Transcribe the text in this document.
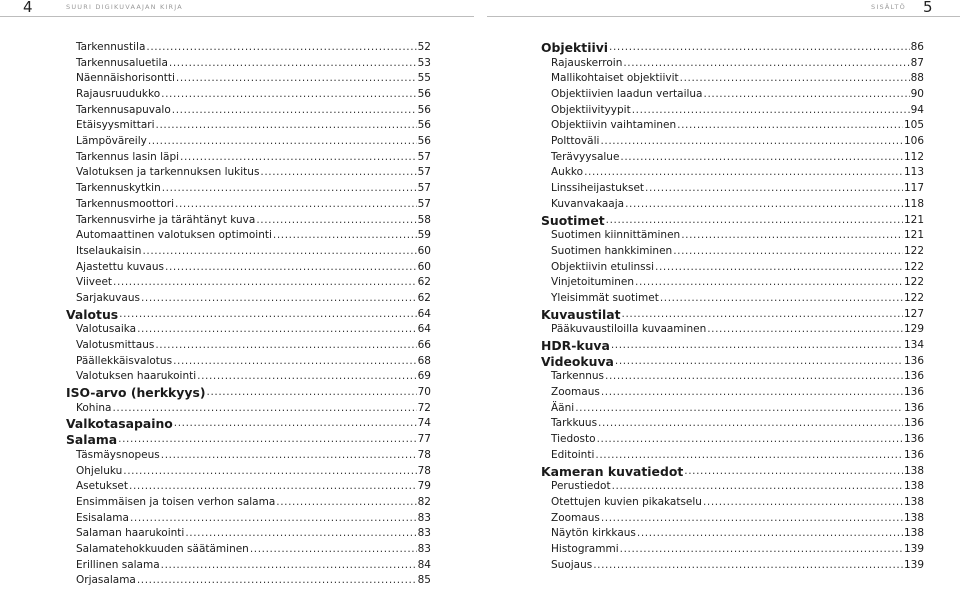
4	SUURI DIGIKUVAAJAN KIRJA	SISÄLTÖ 5
Tarkennustila .....	52
Tarkennusaluetila .....	53
Näennäishorisontti .....	55
Rajausruudukko .....	56
Tarkennusapuvalo .....	56
Etäisyysmittari .....	56
Lämpöväreily .....	56
Tarkennus lasin läpi .....	57
Valotuksen ja tarkennuksen lukitus .....	57
Tarkennuskytkin .....	57
Tarkennusmoottori .....	57
Tarkennusvirhe ja tärähtänyt kuva .....	58
Automaattinen valotuksen optimointi .....	59
Itselaukaisin .....	60
Ajastettu kuvaus .....	60
Viiveet .....	62
Sarjakuvaus .....	62
Valotus .....	64
Valotusaika .....	64
Valotusmittaus .....	66
Päällekkäisvalotus .....	68
Valotuksen haarukointi .....	69
ISO-arvo (herkkyys) .....	70
Kohina .....	72
Valkotasapaino .....	74
Salama .....	77
Täsmäysnopeus .....	78
Ohjeluku .....	78
Asetukset .....	79
Ensimmäisen ja toisen verhon salama .....	82
Esisalama .....	83
Salaman haarukointi .....	83
Salamatehokkuuden säätäminen .....	83
Erillinen salama .....	84
Orjasalama .....	85
Objektiivi .....	86
Rajauskerroin .....	87
Mallikohtaiset objektiivit .....	88
Objektiivien laadun vertailua .....	90
Objektiivityypit .....	94
Objektiivin vaihtaminen .....	105
Polttoväli .....	106
Terävyysalue .....	112
Aukko .....	113
Linssiheijastukset .....	117
Kuvanvakaaja .....	118
Suotimet .....	121
Suotimen kiinnittäminen .....	121
Suotimen hankkiminen .....	122
Objektiivin etulinssi .....	122
Vinjetoituminen .....	122
Yleisimmät suotimet .....	122
Kuvaustilat .....	127
Pääkuvaustiloilla kuvaaminen .....	129
HDR-kuva .....	134
Videokuva .....	136
Tarkennus .....	136
Zoomaus .....	136
Ääni .....	136
Tarkkuus .....	136
Tiedosto .....	136
Editointi .....	136
Kameran kuvatiedot .....	138
Perustiedot .....	138
Otettujen kuvien pikakatselu .....	138
Zoomaus .....	138
Näytön kirkkaus .....	138
Histogrammi .....	139
Suojaus .....	139
